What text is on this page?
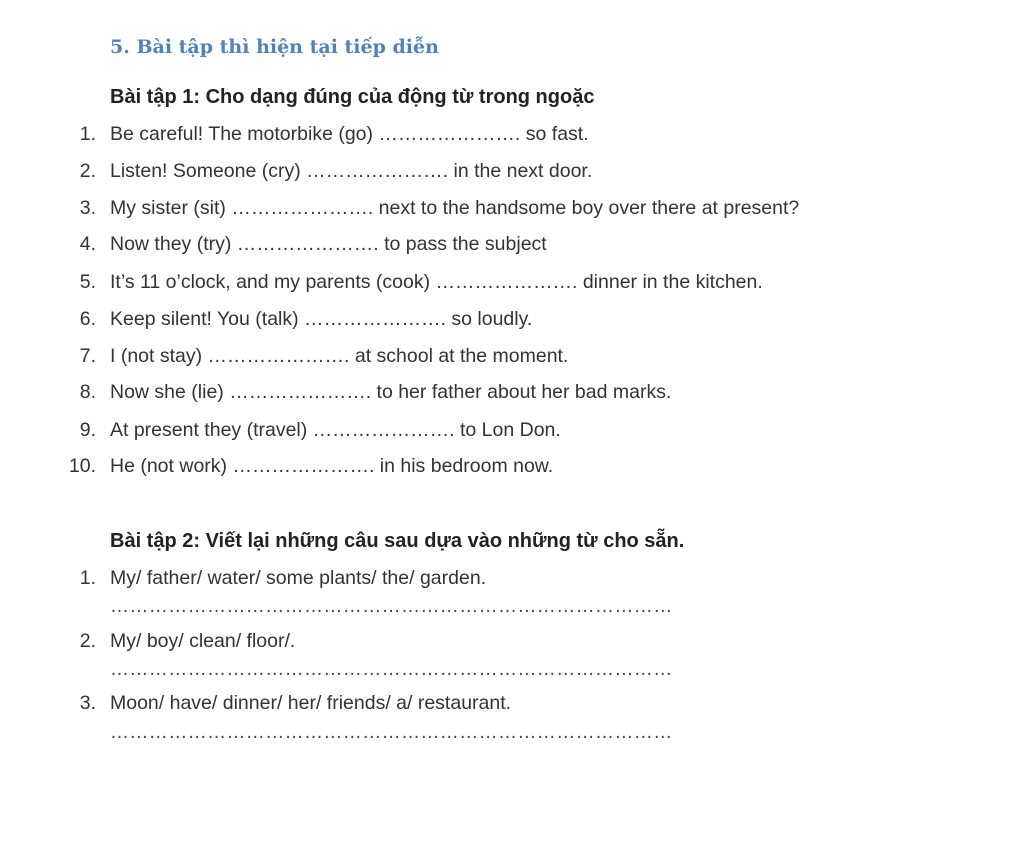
5. Bài tập thì hiện tại tiếp diễn
Bài tập 1: Cho dạng đúng của động từ trong ngoặc
1. Be careful! The motorbike (go) …………………. so fast.
2. Listen! Someone (cry) …………………. in the next door.
3. My sister (sit) …………………. next to the handsome boy over there at present?
4. Now they (try) …………………. to pass the subject
5. It’s 11 o’clock, and my parents (cook) …………………. dinner in the kitchen.
6. Keep silent! You (talk) …………………. so loudly.
7. I (not stay) …………………. at school at the moment.
8. Now she (lie) …………………. to her father about her bad marks.
9. At present they (travel) …………………. to Lon Don.
10. He (not work) …………………. in his bedroom now.
Bài tập 2: Viết lại những câu sau dựa vào những từ cho sẵn.
1. My/ father/ water/ some plants/ the/ garden.
……………………………………………………………………………
2. My/ boy/ clean/ floor/.
……………………………………………………………………………
3. Moon/ have/ dinner/ her/ friends/ a/ restaurant.
……………………………………………………………………………
